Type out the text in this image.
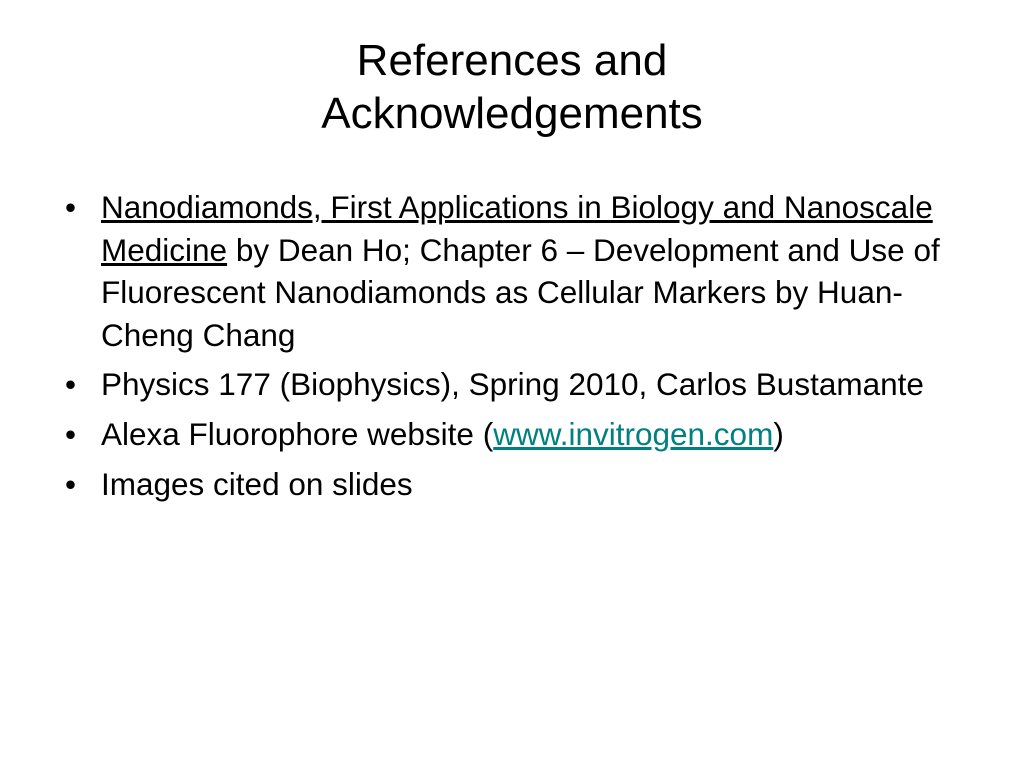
References and
Acknowledgements
• Nanodiamonds, First Applications in Biology and Nanoscale Medicine by Dean Ho; Chapter 6 – Development and Use of Fluorescent Nanodiamonds as Cellular Markers by Huan-Cheng Chang
• Physics 177 (Biophysics), Spring 2010, Carlos Bustamante
• Alexa Fluorophore website (www.invitrogen.com)
• Images cited on slides
